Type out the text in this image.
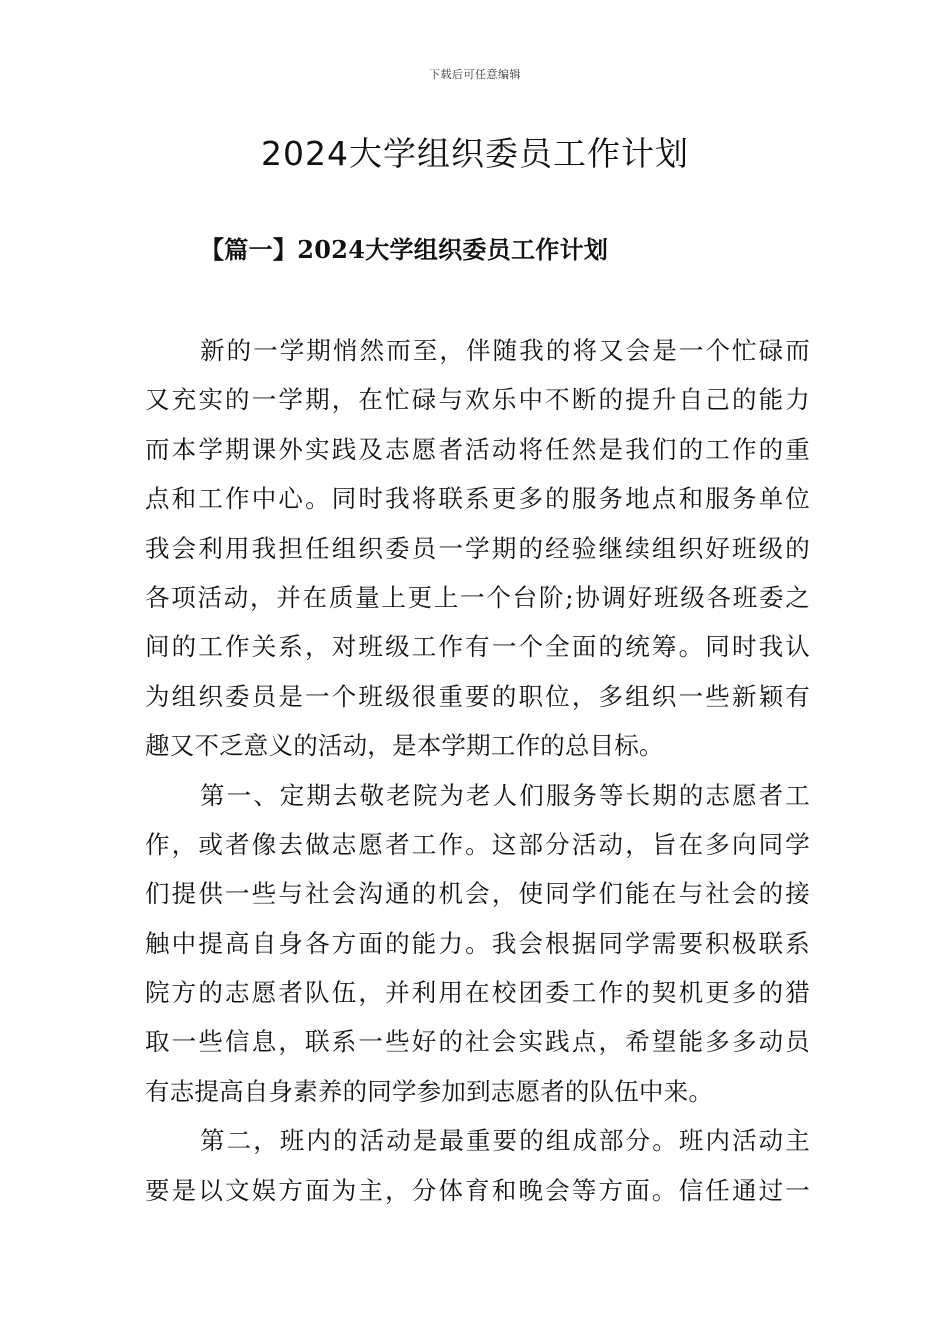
下载后可任意编辑
2024大学组织委员工作计划
【篇一】2024大学组织委员工作计划
新的一学期悄然而至，伴随我的将又会是一个忙碌而
又充实的一学期，在忙碌与欢乐中不断的提升自己的能力
而本学期课外实践及志愿者活动将任然是我们的工作的重
点和工作中心。同时我将联系更多的服务地点和服务单位
我会利用我担任组织委员一学期的经验继续组织好班级的
各项活动，并在质量上更上一个台阶;协调好班级各班委之
间的工作关系，对班级工作有一个全面的统筹。同时我认
为组织委员是一个班级很重要的职位，多组织一些新颖有
趣又不乏意义的活动，是本学期工作的总目标。
第一、定期去敬老院为老人们服务等长期的志愿者工
作，或者像去做志愿者工作。这部分活动，旨在多向同学
们提供一些与社会沟通的机会，使同学们能在与社会的接
触中提高自身各方面的能力。我会根据同学需要积极联系
院方的志愿者队伍，并利用在校团委工作的契机更多的猎
取一些信息，联系一些好的社会实践点，希望能多多动员
有志提高自身素养的同学参加到志愿者的队伍中来。
第二，班内的活动是最重要的组成部分。班内活动主
要是以文娱方面为主，分体育和晚会等方面。信任通过一
